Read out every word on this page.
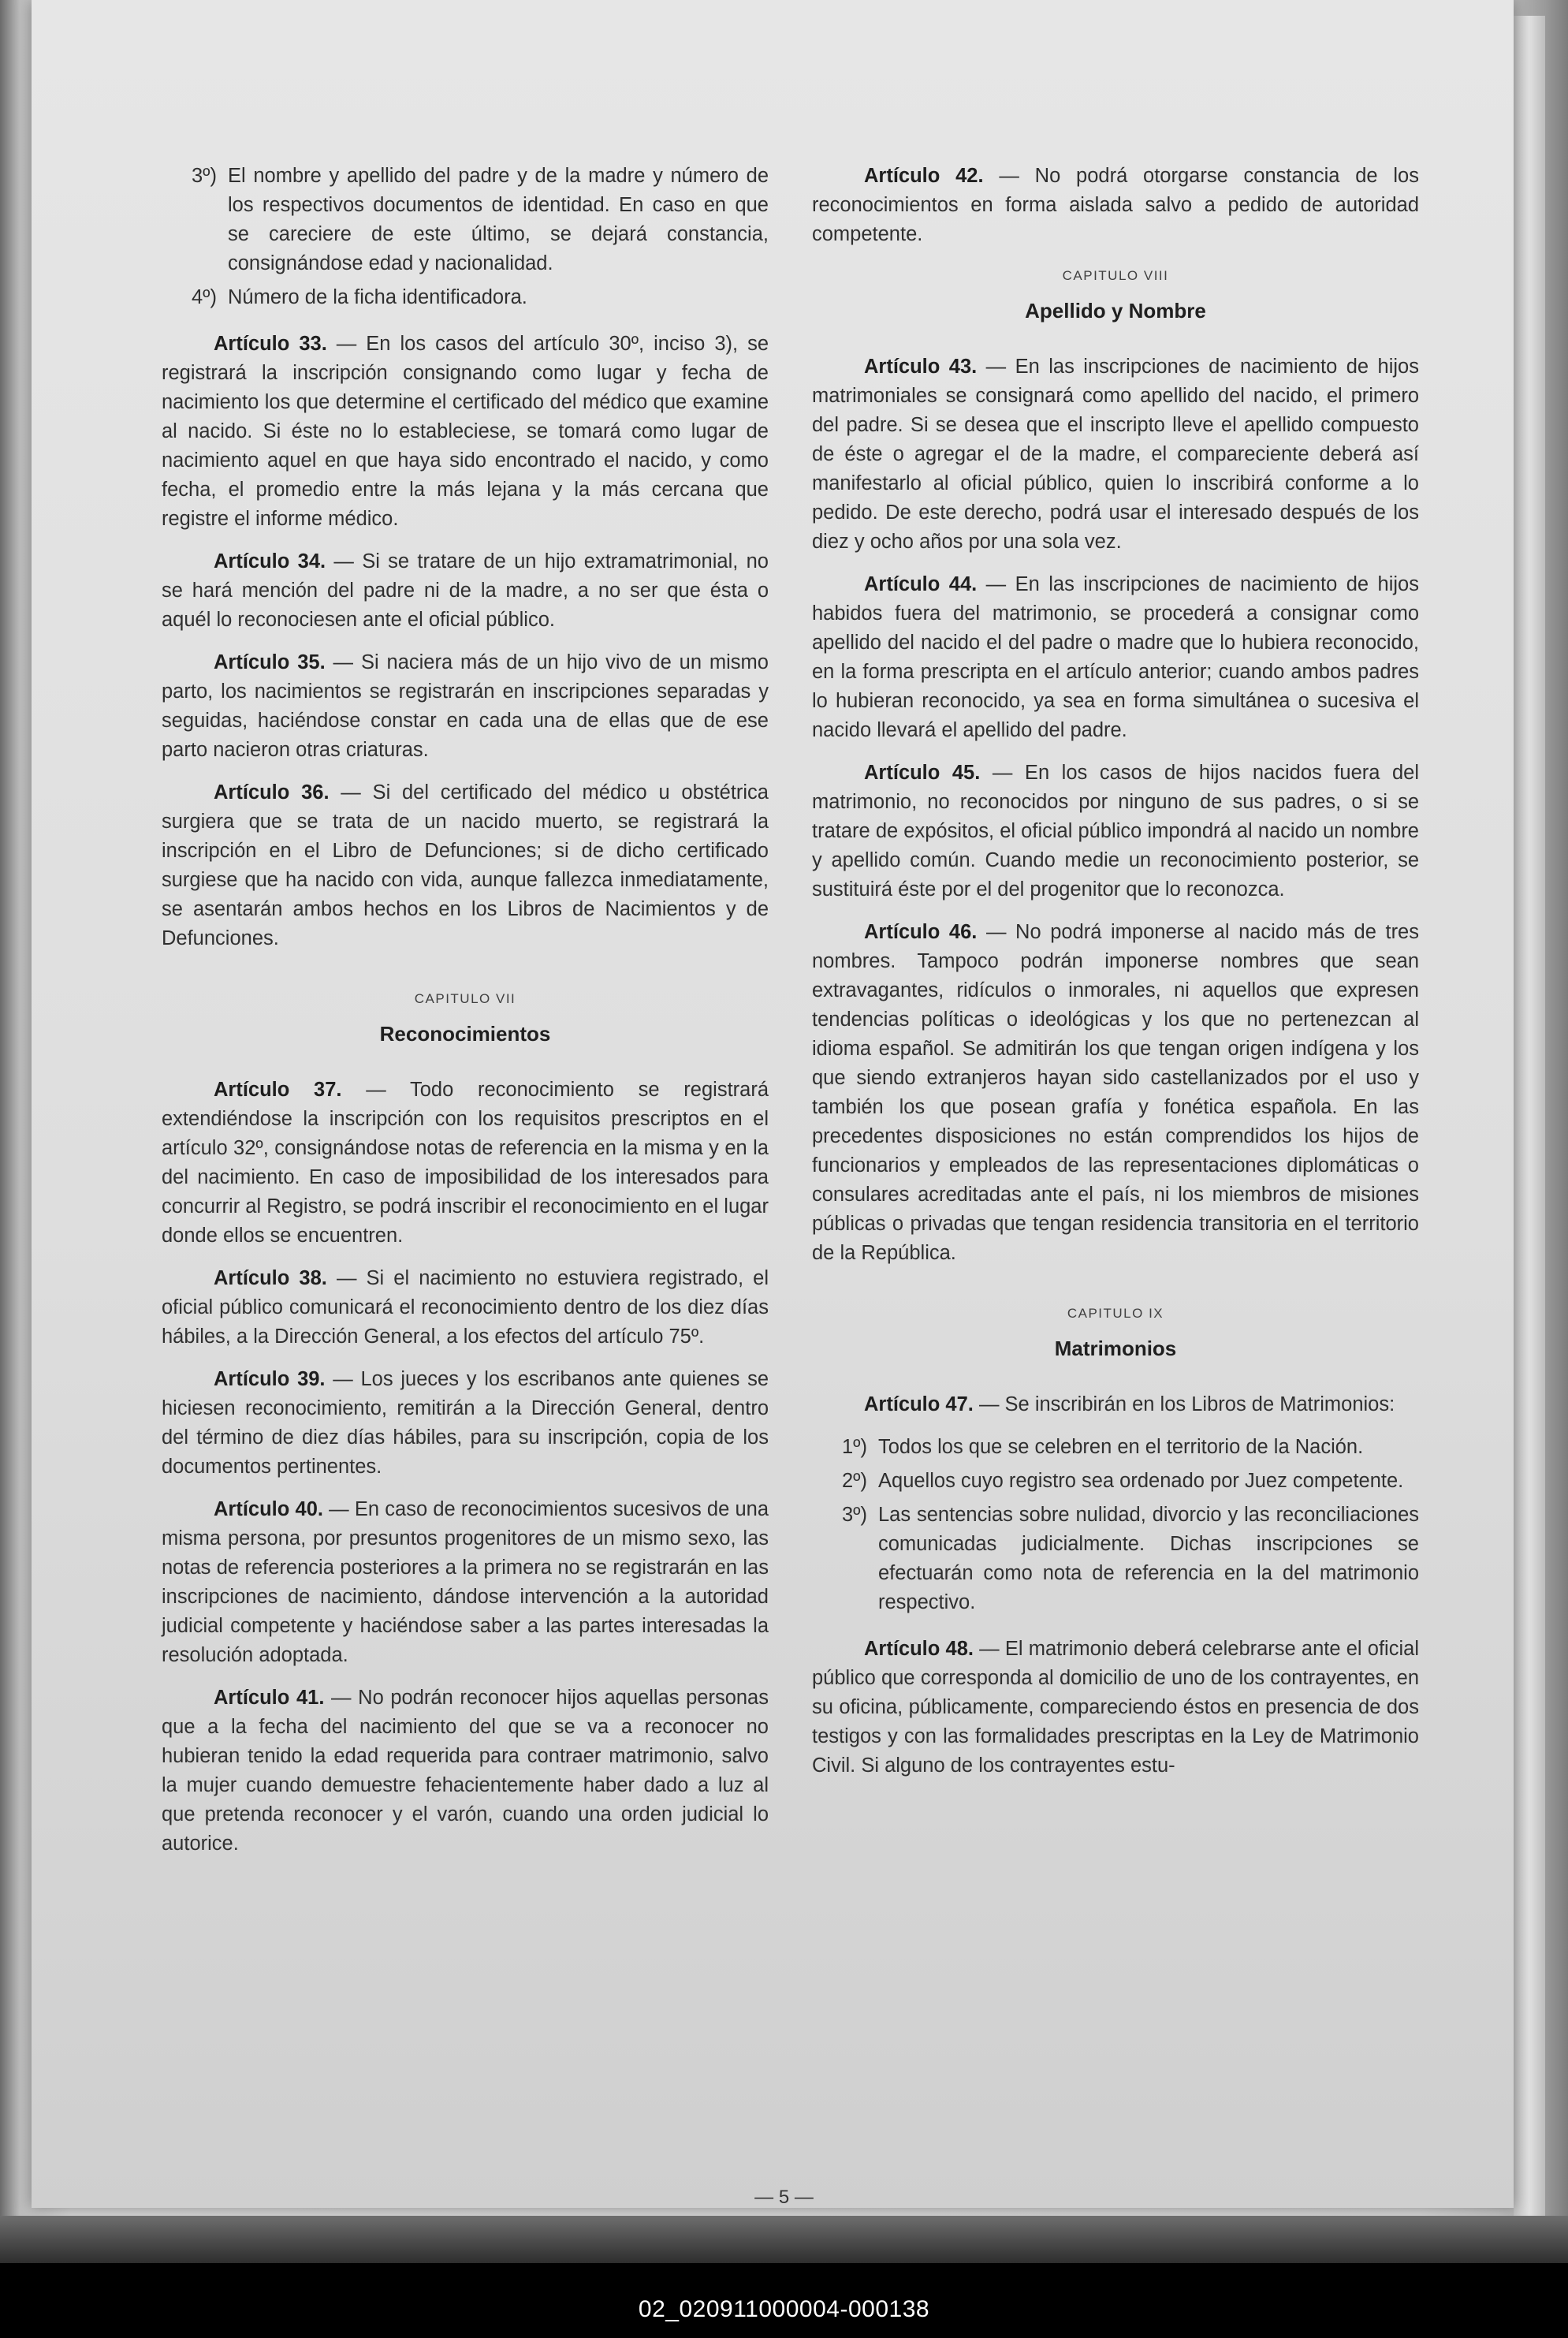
3º) El nombre y apellido del padre y de la madre y número de los respectivos documentos de identidad. En caso en que se careciere de este último, se dejará constancia, consignándose edad y nacionalidad.
4º) Número de la ficha identificadora.

Artículo 33. — En los casos del artículo 30º, inciso 3), se registrará la inscripción consignando como lugar y fecha de nacimiento los que determine el certificado del médico que examine al nacido. Si éste no lo estableciese, se tomará como lugar de nacimiento aquel en que haya sido encontrado el nacido, y como fecha, el promedio entre la más lejana y la más cercana que registre el informe médico.

Artículo 34. — Si se tratare de un hijo extramatrimonial, no se hará mención del padre ni de la madre, a no ser que ésta o aquél lo reconociesen ante el oficial público.

Artículo 35. — Si naciera más de un hijo vivo de un mismo parto, los nacimientos se registrarán en inscripciones separadas y seguidas, haciéndose constar en cada una de ellas que de ese parto nacieron otras criaturas.

Artículo 36. — Si del certificado del médico u obstétrica surgiera que se trata de un nacido muerto, se registrará la inscripción en el Libro de Defunciones; si de dicho certificado surgiese que ha nacido con vida, aunque fallezca inmediatamente, se asentarán ambos hechos en los Libros de Nacimientos y de Defunciones.

CAPITULO VII
Reconocimientos

Artículo 37. — Todo reconocimiento se registrará extendiéndose la inscripción con los requisitos prescriptos en el artículo 32º, consignándose notas de referencia en la misma y en la del nacimiento. En caso de imposibilidad de los interesados para concurrir al Registro, se podrá inscribir el reconocimiento en el lugar donde ellos se encuentren.

Artículo 38. — Si el nacimiento no estuviera registrado, el oficial público comunicará el reconocimiento dentro de los diez días hábiles, a la Dirección General, a los efectos del artículo 75º.

Artículo 39. — Los jueces y los escribanos ante quienes se hiciesen reconocimiento, remitirán a la Dirección General, dentro del término de diez días hábiles, para su inscripción, copia de los documentos pertinentes.

Artículo 40. — En caso de reconocimientos sucesivos de una misma persona, por presuntos progenitores de un mismo sexo, las notas de referencia posteriores a la primera no se registrarán en las inscripciones de nacimiento, dándose intervención a la autoridad judicial competente y haciéndose saber a las partes interesadas la resolución adoptada.

Artículo 41. — No podrán reconocer hijos aquellas personas que a la fecha del nacimiento del que se va a reconocer no hubieran tenido la edad requerida para contraer matrimonio, salvo la mujer cuando demuestre fehacientemente haber dado a luz al que pretenda reconocer y el varón, cuando una orden judicial lo autorice.

Artículo 42. — No podrá otorgarse constancia de los reconocimientos en forma aislada salvo a pedido de autoridad competente.

CAPITULO VIII
Apellido y Nombre

Artículo 43. — En las inscripciones de nacimiento de hijos matrimoniales se consignará como apellido del nacido, el primero del padre. Si se desea que el inscripto lleve el apellido compuesto de éste o agregar el de la madre, el compareciente deberá así manifestarlo al oficial público, quien lo inscribirá conforme a lo pedido. De este derecho, podrá usar el interesado después de los diez y ocho años por una sola vez.

Artículo 44. — En las inscripciones de nacimiento de hijos habidos fuera del matrimonio, se procederá a consignar como apellido del nacido el del padre o madre que lo hubiera reconocido, en la forma prescripta en el artículo anterior; cuando ambos padres lo hubieran reconocido, ya sea en forma simultánea o sucesiva el nacido llevará el apellido del padre.

Artículo 45. — En los casos de hijos nacidos fuera del matrimonio, no reconocidos por ninguno de sus padres, o si se tratare de expósitos, el oficial público impondrá al nacido un nombre y apellido común. Cuando medie un reconocimiento posterior, se sustituirá éste por el del progenitor que lo reconozca.

Artículo 46. — No podrá imponerse al nacido más de tres nombres. Tampoco podrán imponerse nombres que sean extravagantes, ridículos o inmorales, ni aquellos que expresen tendencias políticas o ideológicas y los que no pertenezcan al idioma español. Se admitirán los que tengan origen indígena y los que siendo extranjeros hayan sido castellanizados por el uso y también los que posean grafía y fonética española. En las precedentes disposiciones no están comprendidos los hijos de funcionarios y empleados de las representaciones diplomáticas o consulares acreditadas ante el país, ni los miembros de misiones públicas o privadas que tengan residencia transitoria en el territorio de la República.

CAPITULO IX
Matrimonios

Artículo 47. — Se inscribirán en los Libros de Matrimonios:

1º) Todos los que se celebren en el territorio de la Nación.
2º) Aquellos cuyo registro sea ordenado por Juez competente.
3º) Las sentencias sobre nulidad, divorcio y las reconciliaciones comunicadas judicialmente. Dichas inscripciones se efectuarán como nota de referencia en la del matrimonio respectivo.

Artículo 48. — El matrimonio deberá celebrarse ante el oficial público que corresponda al domicilio de uno de los contrayentes, en su oficina, públicamente, compareciendo éstos en presencia de dos testigos y con las formalidades prescriptas en la Ley de Matrimonio Civil. Si alguno de los contrayentes estu-

— 5 —
02_020911000004-000138
